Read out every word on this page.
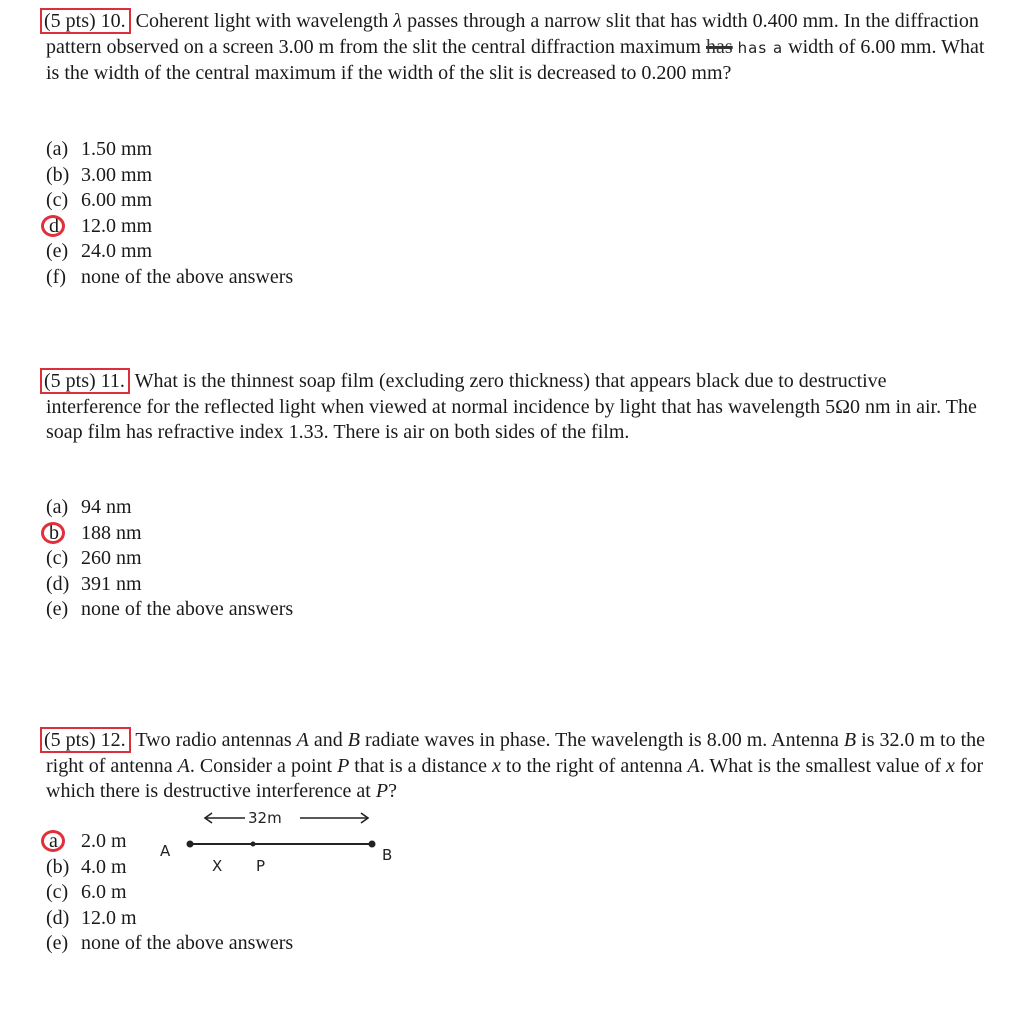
(5 pts) 10. Coherent light with wavelength λ passes through a narrow slit that has width 0.400 mm. In the diffraction pattern observed on a screen 3.00 m from the slit the central diffraction maximum has has a width of 6.00 mm. What is the width of the central maximum if the width of the slit is decreased to 0.200 mm?

(a) 1.50 mm
(b) 3.00 mm
(c) 6.00 mm
d 12.0 mm
(e) 24.0 mm
(f) none of the above answers

(5 pts) 11. What is the thinnest soap film (excluding zero thickness) that appears black due to destructive interference for the reflected light when viewed at normal incidence by light that has wavelength 5Ω0 nm in air. The soap film has refractive index 1.33. There is air on both sides of the film.

(a) 94 nm
b 188 nm
(c) 260 nm
(d) 391 nm
(e) none of the above answers

(5 pts) 12. Two radio antennas A and B radiate waves in phase. The wavelength is 8.00 m. Antenna B is 32.0 m to the right of antenna A. Consider a point P that is a distance x to the right of antenna A. What is the smallest value of x for which there is destructive interference at P?

a 2.0 m
(b) 4.0 m
(c) 6.0 m
(d) 12.0 m
(e) none of the above answers
32m
A	B
X P
